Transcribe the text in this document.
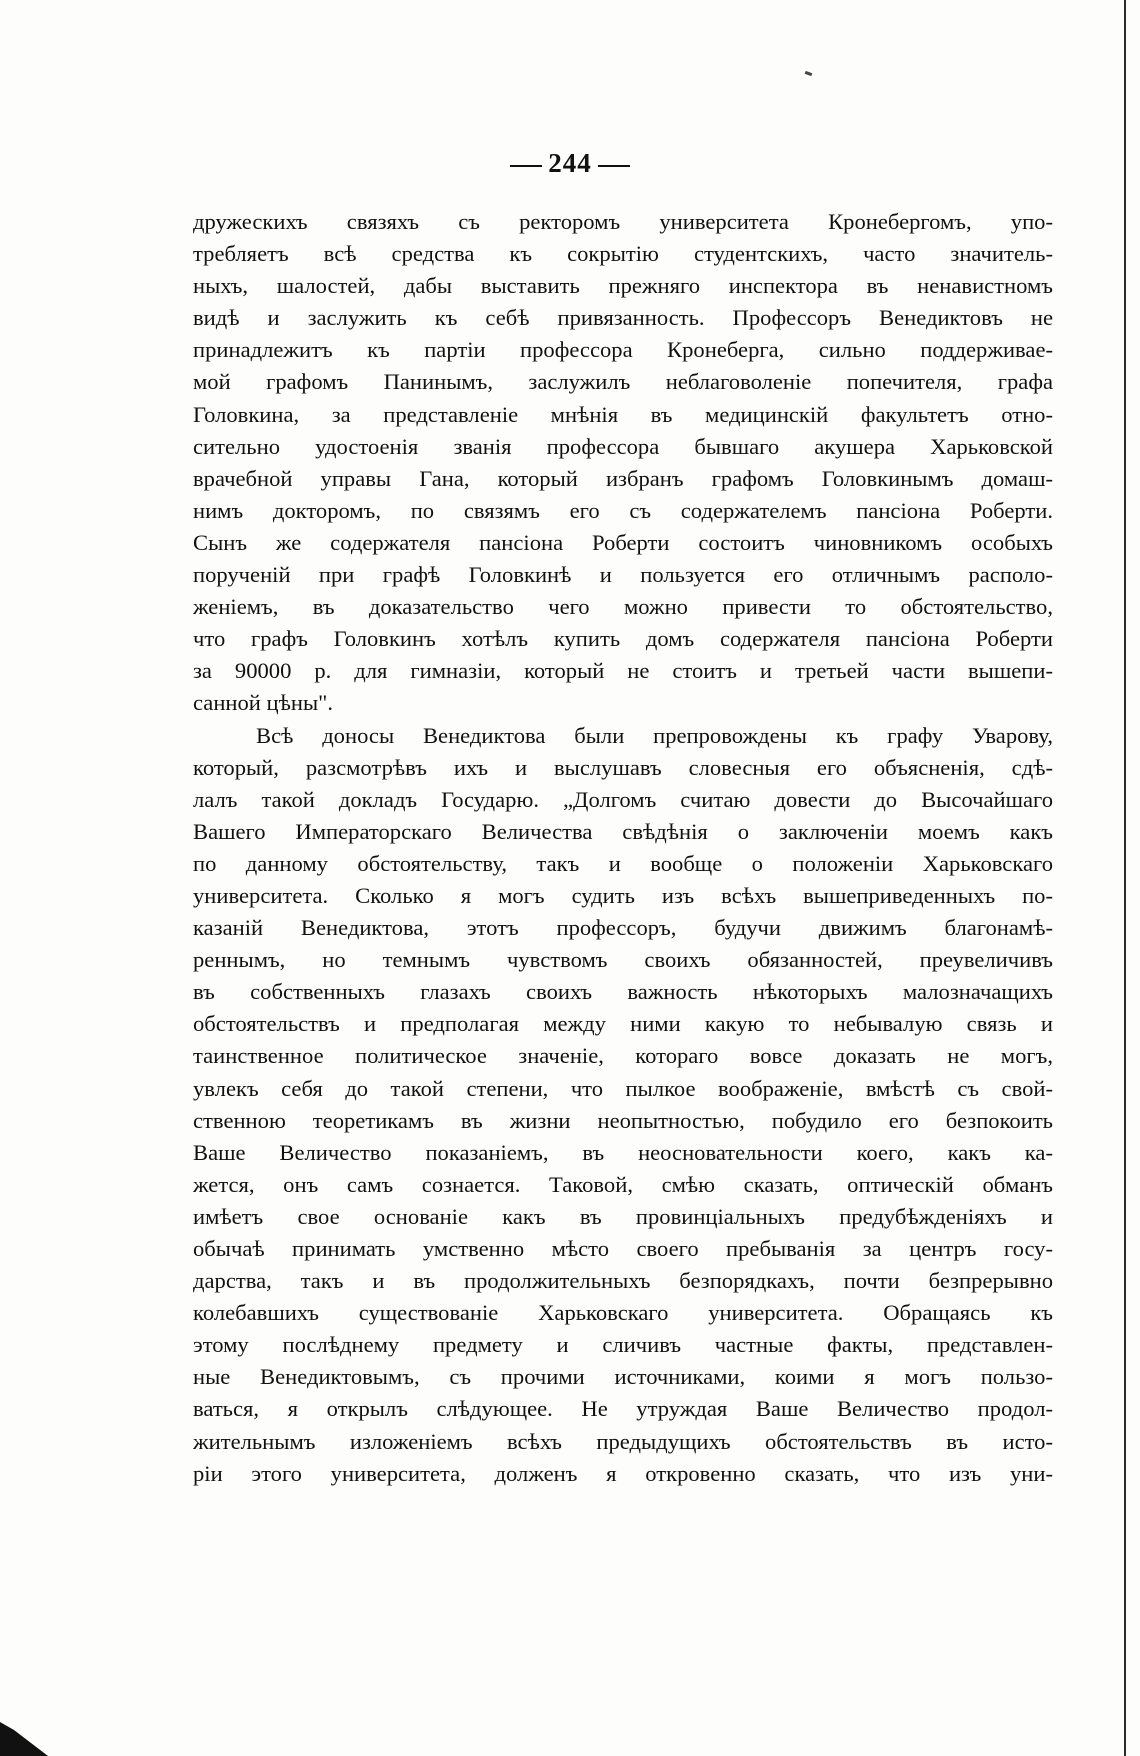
244
дружескихъ связяхъ съ ректоромъ университета Кронебергомъ, упо-
требляетъ всѣ средства къ сокрытію студентскихъ, часто значитель-
ныхъ, шалостей, дабы выставить прежняго инспектора въ ненавистномъ
видѣ и заслужить къ себѣ привязанность. Профессоръ Венедиктовъ не
принадлежитъ къ партіи профессора Кронеберга, сильно поддерживае-
мой графомъ Панинымъ, заслужилъ неблаговоленіе попечителя, графа
Головкина, за представленіе мнѣнія въ медицинскій факультетъ отно-
сительно удостоенія званія профессора бывшаго акушера Харьковской
врачебной управы Гана, который избранъ графомъ Головкинымъ домаш-
нимъ докторомъ, по связямъ его съ содержателемъ пансіона Роберти.
Сынъ же содержателя пансіона Роберти состоитъ чиновникомъ особыхъ
порученій при графѣ Головкинѣ и пользуется его отличнымъ располо-
женіемъ, въ доказательство чего можно привести то обстоятельство,
что графъ Головкинъ хотѣлъ купить домъ содержателя пансіона Роберти
за 90000 р. для гимназіи, который не стоитъ и третьей части вышепи-
санной цѣны".
Всѣ доносы Венедиктова были препровождены къ графу Уварову,
который, разсмотрѣвъ ихъ и выслушавъ словесныя его объясненія, сдѣ-
лалъ такой докладъ Государю. „Долгомъ считаю довести до Высочайшаго
Вашего Императорскаго Величества свѣдѣнія о заключеніи моемъ какъ
по данному обстоятельству, такъ и вообще о положеніи Харьковскаго
университета. Сколько я могъ судить изъ всѣхъ вышеприведенныхъ по-
казаній Венедиктова, этотъ профессоръ, будучи движимъ благонамѣ-
реннымъ, но темнымъ чувствомъ своихъ обязанностей, преувеличивъ
въ собственныхъ глазахъ своихъ важность нѣкоторыхъ малозначащихъ
обстоятельствъ и предполагая между ними какую то небывалую связь и
таинственное политическое значеніе, котораго вовсе доказать не могъ,
увлекъ себя до такой степени, что пылкое воображеніе, вмѣстѣ съ свой-
ственною теоретикамъ въ жизни неопытностью, побудило его безпокоить
Ваше Величество показаніемъ, въ неосновательности коего, какъ ка-
жется, онъ самъ сознается. Таковой, смѣю сказать, оптическій обманъ
имѣетъ свое основаніе какъ въ провинціальныхъ предубѣжденіяхъ и
обычаѣ принимать умственно мѣсто своего пребыванія за центръ госу-
дарства, такъ и въ продолжительныхъ безпорядкахъ, почти безпрерывно
колебавшихъ существованіе Харьковскаго университета. Обращаясь къ
этому послѣднему предмету и сличивъ частные факты, представлен-
ные Венедиктовымъ, съ прочими источниками, коими я могъ пользо-
ваться, я открылъ слѣдующее. Не утруждая Ваше Величество продол-
жительнымъ изложеніемъ всѣхъ предыдущихъ обстоятельствъ въ исто-
ріи этого университета, долженъ я откровенно сказать, что изъ уни-
